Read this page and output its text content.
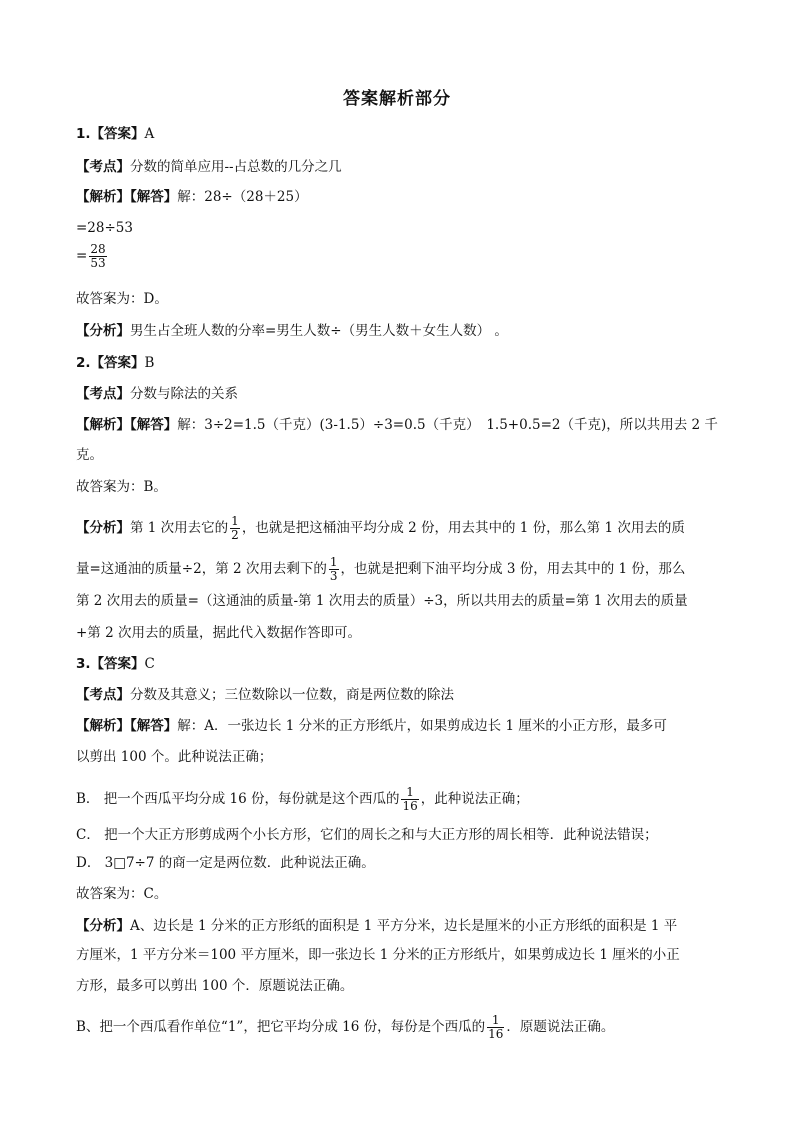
答案解析部分
1.【答案】A
【考点】分数的简单应用--占总数的几分之几
【解析】【解答】解：28÷（28＋25）
=28÷53
= $\frac{28}{53}$
故答案为：D。
【分析】男生占全班人数的分率=男生人数÷（男生人数＋女生人数） 。
2.【答案】B
【考点】分数与除法的关系
【解析】【解答】解：3÷2=1.5（千克）(3-1.5）÷3=0.5（千克）　1.5+0.5=2（千克)，所以共用去 2 千
克。
故答案为：B。
【分析】第 1 次用去它的 $\frac{1}{2}$ ，也就是把这桶油平均分成 2 份，用去其中的 1 份，那么第 1 次用去的质
量=这通油的质量÷2，第 2 次用去剩下的 $\frac{1}{3}$ ，也就是把剩下油平均分成 3 份，用去其中的 1 份，那么
第 2 次用去的质量=（这通油的质量-第 1 次用去的质量）÷3，所以共用去的质量=第 1 次用去的质量
+第 2 次用去的质量，据此代入数据作答即可。
3.【答案】C
【考点】分数及其意义；三位数除以一位数，商是两位数的除法
【解析】【解答】解：A．一张边长 1 分米的正方形纸片，如果剪成边长 1 厘米的小正方形，最多可
以剪出 100 个。此种说法正确；
B． 把一个西瓜平均分成 16 份，每份就是这个西瓜的 $\frac{1}{16}$ ，此种说法正确；
C． 把一个大正方形剪成两个小长方形，它们的周长之和与大正方形的周长相等．此种说法错误；
D． 3□7÷7 的商一定是两位数．此种说法正确。
故答案为：C。
【分析】A、边长是 1 分米的正方形纸的面积是 1 平方分米，边长是厘米的小正方形纸的面积是 1 平
方厘米，1 平方分米＝100 平方厘米，即一张边长 1 分米的正方形纸片，如果剪成边长 1 厘米的小正
方形，最多可以剪出 100 个．原题说法正确。
B、把一个西瓜看作单位“1”，把它平均分成 16 份，每份是个西瓜的 $\frac{1}{16}$ ．原题说法正确。
